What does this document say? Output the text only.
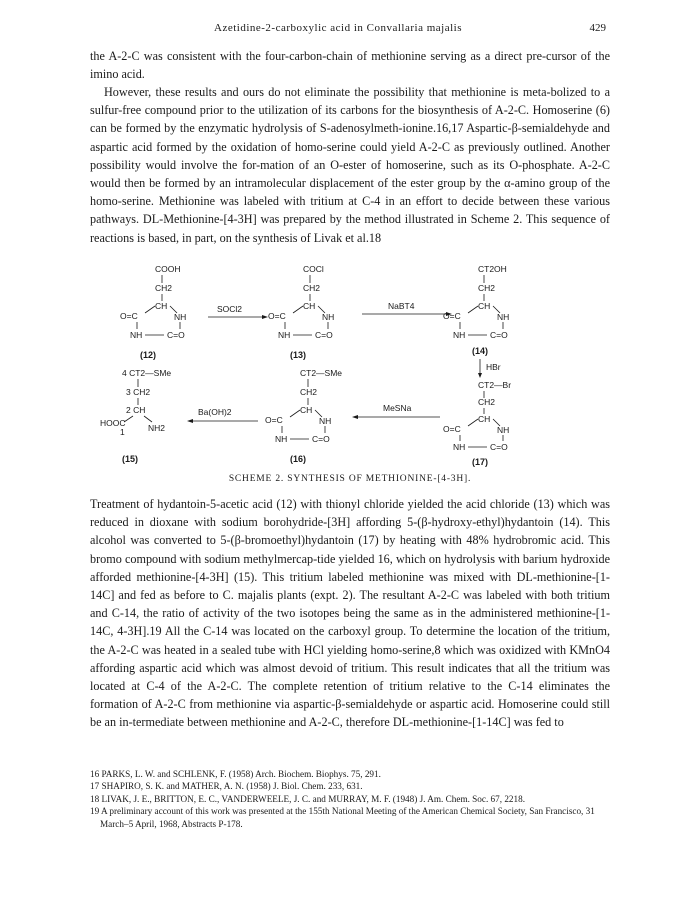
Azetidine-2-carboxylic acid in Convallaria majalis	429

the A-2-C was consistent with the four-carbon-chain of methionine serving as a direct pre-cursor of the imino acid.

However, these results and ours do not eliminate the possibility that methionine is meta-bolized to a sulfur-free compound prior to the utilization of its carbons for the biosynthesis of A-2-C. Homoserine (6) can be formed by the enzymatic hydrolysis of S-adenosylmeth-ionine.16,17 Aspartic-β-semialdehyde and aspartic acid formed by the oxidation of homo-serine could yield A-2-C as previously outlined. Another possibility would involve the for-mation of an O-ester of homoserine, such as its O-phosphate. A-2-C would then be formed by an intramolecular displacement of the ester group by the α-amino group of the homo-serine. Methionine was labeled with tritium at C-4 in an effort to decide between these various pathways. DL-Methionine-[4-3H] was prepared by the method illustrated in Scheme 2. This sequence of reactions is based, in part, on the synthesis of Livak et al.18

COOH
CH2
CH
O=C	NH
NH	C=O
(12)
SOCl2
COCl
CH2
CH
O=C	NH
NH	C=O
(13)
NaBT4
CT2OH
CH2
CH
O=C	NH
NH	C=O
(14)
HBr
4 CT2—SMe
3 CH2
2 CH
HOOC	NH2
1
(15)
Ba(OH)2
CT2—SMe
CH2
CH
O=C	NH
NH	C=O
(16)
MeSNa
CT2—Br
CH2
CH
O=C	NH
NH	C=O
(17)
SCHEME 2. SYNTHESIS OF METHIONINE-[4-3H].

Treatment of hydantoin-5-acetic acid (12) with thionyl chloride yielded the acid chloride (13) which was reduced in dioxane with sodium borohydride-[3H] affording 5-(β-hydroxy-ethyl)hydantoin (14). This alcohol was converted to 5-(β-bromoethyl)hydantoin (17) by heating with 48% hydrobromic acid. This bromo compound with sodium methylmercap-tide yielded 16, which on hydrolysis with barium hydroxide afforded methionine-[4-3H] (15). This tritium labeled methionine was mixed with DL-methionine-[1-14C] and fed as before to C. majalis plants (expt. 2). The resultant A-2-C was labeled with both tritium and C-14, the ratio of activity of the two isotopes being the same as in the administered methionine-[1-14C, 4-3H].19 All the C-14 was located on the carboxyl group. To determine the location of the tritium, the A-2-C was heated in a sealed tube with HCl yielding homo-serine,8 which was oxidized with KMnO4 affording aspartic acid which was almost devoid of tritium. This result indicates that all the tritium was located at C-4 of the A-2-C. The complete retention of tritium relative to the C-14 eliminates the formation of A-2-C from methionine via aspartic-β-semialdehyde or aspartic acid. Homoserine could still be an in-termediate between methionine and A-2-C, therefore DL-methionine-[1-14C] was fed to

16 PARKS, L. W. and SCHLENK, F. (1958) Arch. Biochem. Biophys. 75, 291.

17 SHAPIRO, S. K. and MATHER, A. N. (1958) J. Biol. Chem. 233, 631.

18 LIVAK, J. E., BRITTON, E. C., VANDERWEELE, J. C. and MURRAY, M. F. (1948) J. Am. Chem. Soc. 67, 2218.

19 A preliminary account of this work was presented at the 155th National Meeting of the American Chemical Society, San Francisco, 31 March–5 April, 1968, Abstracts P-178.
